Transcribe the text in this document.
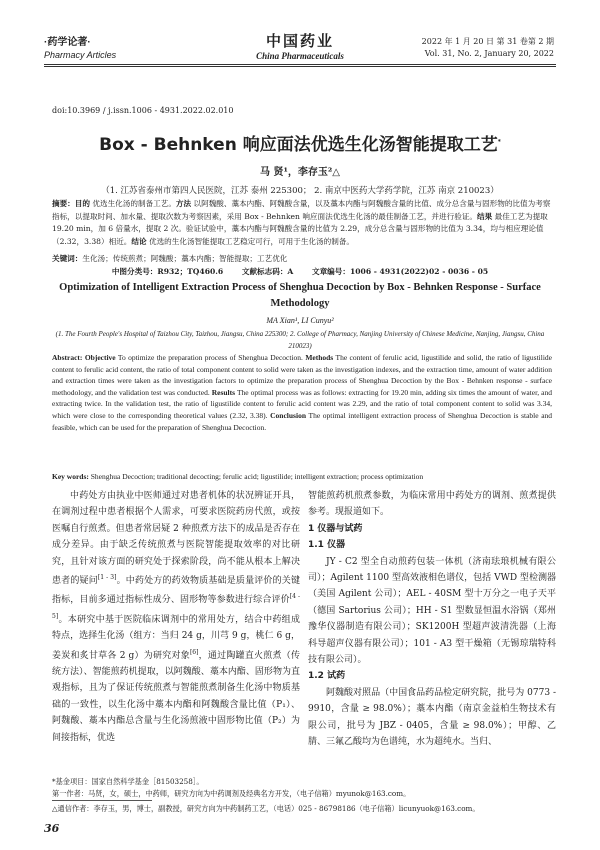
·药学论著·
Pharmacy Articles
中国药业
China Pharmaceuticals
2022 年 1 月 20 日 第 31 卷第 2 期
Vol. 31, No. 2, January 20, 2022
doi:10.3969 / j.issn.1006 - 4931.2022.02.010
Box - Behnken 响应面法优选生化汤智能提取工艺*
马 贤¹，李存玉²△
（1. 江苏省泰州市第四人民医院，江苏 泰州 225300； 2. 南京中医药大学药学院，江苏 南京 210023）
摘要：目的 优选生化汤的制备工艺。方法 以阿魏酸、藁本内酯、阿魏酸含量，以及藁本内酯与阿魏酸含量的比值、成分总含量与固形物的比值为考察指标，以提取时间、加水量、提取次数为考察因素，采用 Box - Behnken 响应面法优选生化汤的最佳制备工艺，并进行验证。结果 最佳工艺为提取 19.20 min，加 6 倍量水，提取 2 次。验证试验中，藁本内酯与阿魏酸含量的比值为 2.29，成分总含量与固形物的比值为 3.34，均与相应理论值（2.32，3.38）相近。结论 优选的生化汤智能提取工艺稳定可行，可用于生化汤的制备。
关键词：生化汤；传统煎煮；阿魏酸；藁本内酯；智能提取；工艺优化
中图分类号：R932；TQ460.6 文献标志码：A 文章编号：1006 - 4931(2022)02 - 0036 - 05
Optimization of Intelligent Extraction Process of Shenghua Decoction by Box - Behnken Response - Surface Methodology
MA Xian¹, LI Cunyu²
(1. The Fourth People's Hospital of Taizhou City, Taizhou, Jiangsu, China 225300; 2. College of Pharmacy, Nanjing University of Chinese Medicine, Nanjing, Jiangsu, China 210023)
Abstract: Objective To optimize the preparation process of Shenghua Decoction. Methods The content of ferulic acid, ligustilide and solid, the ratio of ligustilide content to ferulic acid content, the ratio of total component content to solid were taken as the investigation indexes, and the extraction time, amount of water addition and extraction times were taken as the investigation factors to optimize the preparation process of Shenghua Decoction by the Box - Behnken response - surface methodology, and the validation test was conducted. Results The optimal process was as follows: extracting for 19.20 min, adding six times the amount of water, and extracting twice. In the validation test, the ratio of ligustilide content to ferulic acid content was 2.29, and the ratio of total component content to solid was 3.34, which were close to the corresponding theoretical values (2.32, 3.38). Conclusion The optimal intelligent extraction process of Shenghua Decoction is stable and feasible, which can be used for the preparation of Shenghua Decoction.
Key words: Shenghua Decoction; traditional decocting; ferulic acid; ligustilide; intelligent extraction; process optimization

中药处方由执业中医师通过对患者机体的状况辨证开具，在调剂过程中患者根据个人需求，可要求医院药房代煎，或按医嘱自行煎煮。但患者常居疑 2 种煎煮方法下的成品是否存在成分差异。由于缺乏传统煎煮与医院智能提取效率的对比研究，且针对该方面的研究处于探索阶段，尚不能从根本上解决患者的疑问[1 - 3]。中药处方的药效物质基础是质量评价的关键指标，目前多通过指标性成分、固形物等参数进行综合评价[4 - 5]。本研究中基于医院临床调剂中的常用处方，结合中药组成特点，选择生化汤（组方：当归 24 g，川芎 9 g，桃仁 6 g，姜炭和炙甘草各 2 g）为研究对象[6]，通过陶罐直火煎煮（传统方法）、智能煎药机提取，以阿魏酸、藁本内酯、固形物为直观指标，且为了保证传统煎煮与智能煎煮制备生化汤中物质基础的一致性，以生化汤中藁本内酯和阿魏酸含量比值（P₁）、阿魏酸、藁本内酯总含量与生化汤煎液中固形物比值（P₂）为间接指标，优选

智能煎药机煎煮参数，为临床常用中药处方的调剂、煎煮提供参考。现报道如下。
1 仪器与试药
1.1 仪器

JY - C2 型全自动煎药包装一体机（济南珐琅机械有限公司）；Agilent 1100 型高效液相色谱仪，包括 VWD 型检测器（美国 Agilent 公司）；AEL - 40SM 型十万分之一电子天平（德国 Sartorius 公司）；HH - S1 型数显恒温水浴锅（郑州豫华仪器制造有限公司）；SK1200H 型超声波清洗器（上海科导超声仪器有限公司）；101 - A3 型干燥箱（无锡琼瑞特科技有限公司）。

1.2 试药

阿魏酸对照品（中国食品药品检定研究院，批号为 0773 - 9910，含量 ≥ 98.0%）；藁本内酯（南京金益柏生物技术有限公司，批号为 JBZ - 0405，含量 ≥ 98.0%）；甲醇、乙腈、三氟乙酸均为色谱纯，水为超纯水。当归、

*基金项目：国家自然科学基金［81503258］。
第一作者：马贤，女，硕士，中药师，研究方向为中药调剂及经典名方开发，（电子信箱）myunok@163.com。
△通信作者：李存玉，男，博士，副教授，研究方向为中药制药工艺，（电话）025 - 86798186（电子信箱）licunyuok@163.com。
36
